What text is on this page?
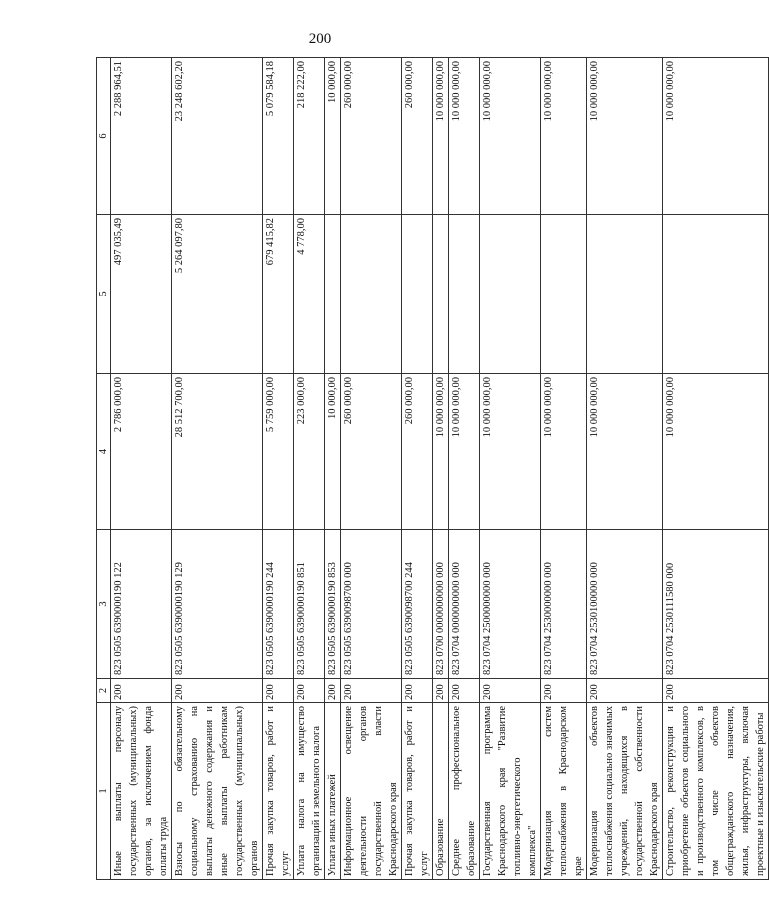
200
1	2	3	4	5	6
Иные выплаты персоналу государственных (муниципальных) органов, за исключением фонда оплаты труда	200	823 0505 6390000190 122	2 786 000,00	497 035,49	2 288 964,51
Взносы по обязательному социальному страхованию на выплаты денежного содержания и иные выплаты работникам государственных (муниципальных) органов	200	823 0505 6390000190 129	28 512 700,00	5 264 097,80	23 248 602,20
Прочая закупка товаров, работ и услуг	200	823 0505 6390000190 244	5 759 000,00	679 415,82	5 079 584,18
Уплата налога на имущество организаций и земельного налога	200	823 0505 6390000190 851	223 000,00	4 778,00	218 222,00
Уплата иных платежей	200	823 0505 6390000190 853	10 000,00		10 000,00
Информационное освещение деятельности органов государственной власти Краснодарского края	200	823 0505 6390098700 000	260 000,00		260 000,00
Прочая закупка товаров, работ и услуг	200	823 0505 6390098700 244	260 000,00		260 000,00
Образование	200	823 0700 0000000000 000	10 000 000,00		10 000 000,00
Среднее профессиональное образование	200	823 0704 0000000000 000	10 000 000,00		10 000 000,00
Государственная программа Краснодарского края "Развитие топливно-энергетического комплекса"	200	823 0704 2500000000 000	10 000 000,00		10 000 000,00
Модернизация систем теплоснабжения в Краснодарском крае	200	823 0704 2530000000 000	10 000 000,00		10 000 000,00
Модернизация объектов теплоснабжения социально значимых учреждений, находящихся в государственной собственности Краснодарского края	200	823 0704 2530100000 000	10 000 000,00		10 000 000,00
Строительство, реконструкция и приобретение объектов социального и производственного комплексов, в том числе объектов общегражданского назначения, жилья, инфраструктуры, включая проектные и изыскательские работы	200	823 0704 2530111580 000	10 000 000,00		10 000 000,00
